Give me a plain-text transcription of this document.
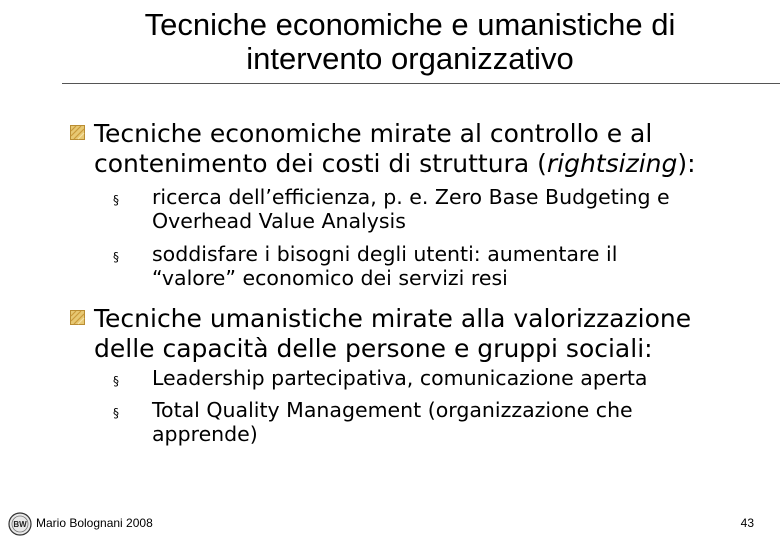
Tecniche economiche e umanistiche di
intervento organizzativo

Tecniche economiche mirate al controllo e al
contenimento dei costi di struttura (rightsizing):

§ ricerca dell’efficienza, p. e. Zero Base Budgeting e
Overhead Value Analysis

§ soddisfare i bisogni degli utenti: aumentare il
“valore” economico dei servizi resi

Tecniche umanistiche mirate alla valorizzazione
delle capacità delle persone e gruppi sociali:

§ Leadership partecipativa, comunicazione aperta

§ Total Quality Management (organizzazione che
apprende)

BW Mario Bolognani 2008	43
